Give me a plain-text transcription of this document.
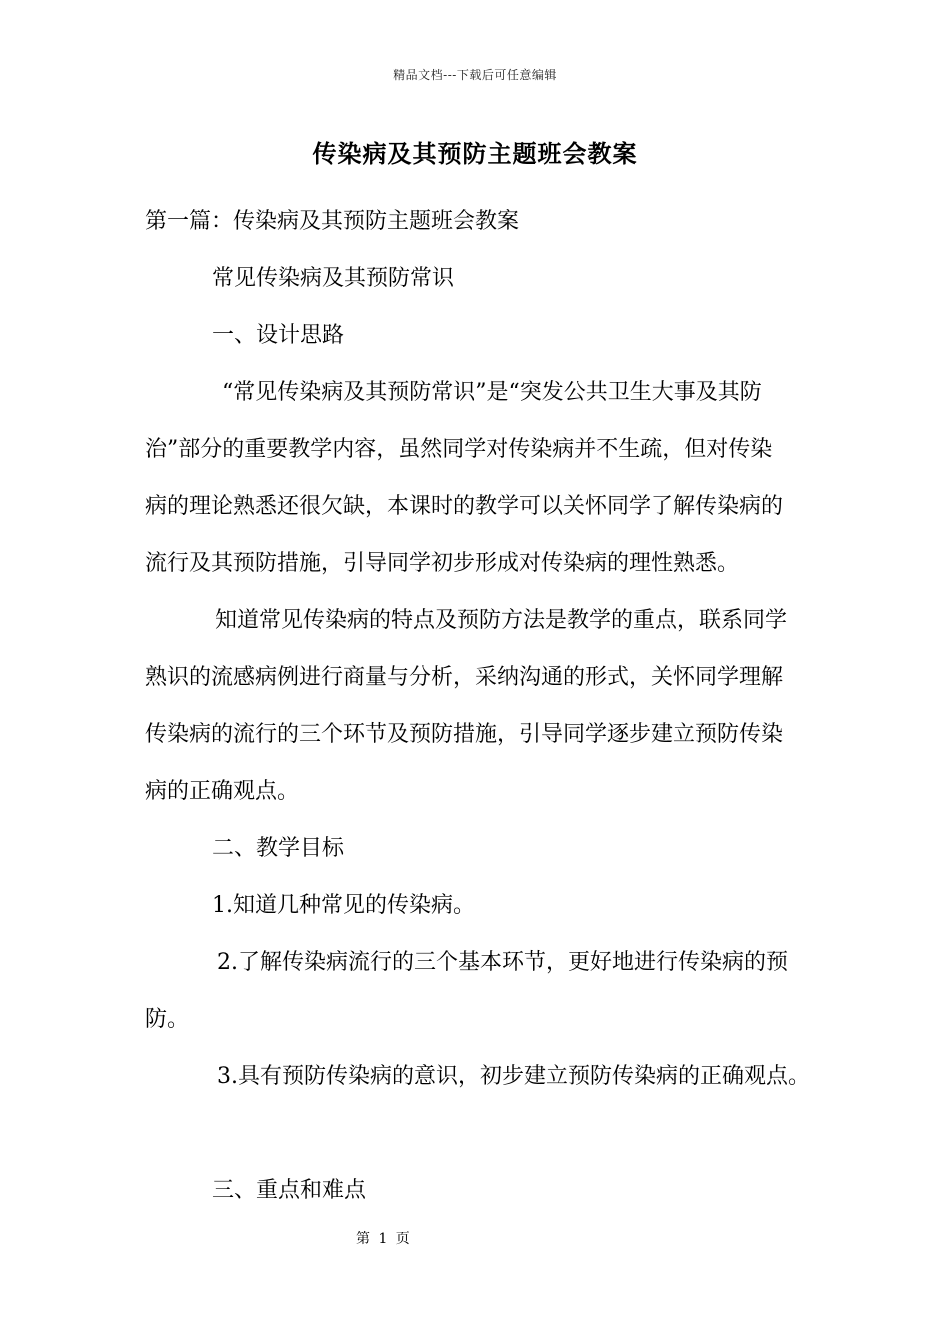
精品文档---下载后可任意编辑
传染病及其预防主题班会教案

第一篇：传染病及其预防主题班会教案

常见传染病及其预防常识

一、设计思路

“常见传染病及其预防常识”是“突发公共卫生大事及其防

治”部分的重要教学内容，虽然同学对传染病并不生疏，但对传染

病的理论熟悉还很欠缺，本课时的教学可以关怀同学了解传染病的

流行及其预防措施，引导同学初步形成对传染病的理性熟悉。

知道常见传染病的特点及预防方法是教学的重点，联系同学

熟识的流感病例进行商量与分析，采纳沟通的形式，关怀同学理解

传染病的流行的三个环节及预防措施，引导同学逐步建立预防传染

病的正确观点。

二、教学目标

1.知道几种常见的传染病。

2.了解传染病流行的三个基本环节，更好地进行传染病的预

防。

3.具有预防传染病的意识，初步建立预防传染病的正确观点。

三、重点和难点

第 1 页
